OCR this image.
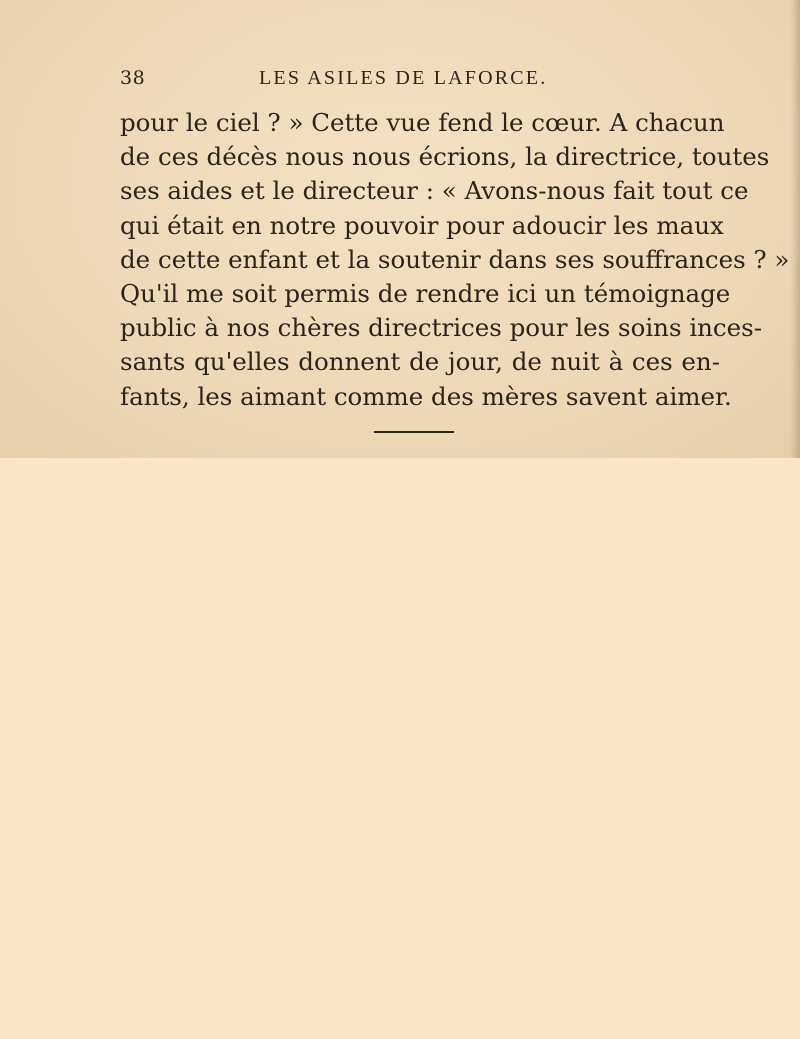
38	LES ASILES DE LAFORCE.
pour le ciel ? » Cette vue fend le cœur. A chacun
de ces décès nous nous écrions, la directrice, toutes
ses aides et le directeur : « Avons-nous fait tout ce
qui était en notre pouvoir pour adoucir les maux
de cette enfant et la soutenir dans ses souffrances ? »
Qu'il me soit permis de rendre ici un témoignage
public à nos chères directrices pour les soins inces-
sants qu'elles donnent de jour, de nuit à ces en-
fants, les aimant comme des mères savent aimer.
